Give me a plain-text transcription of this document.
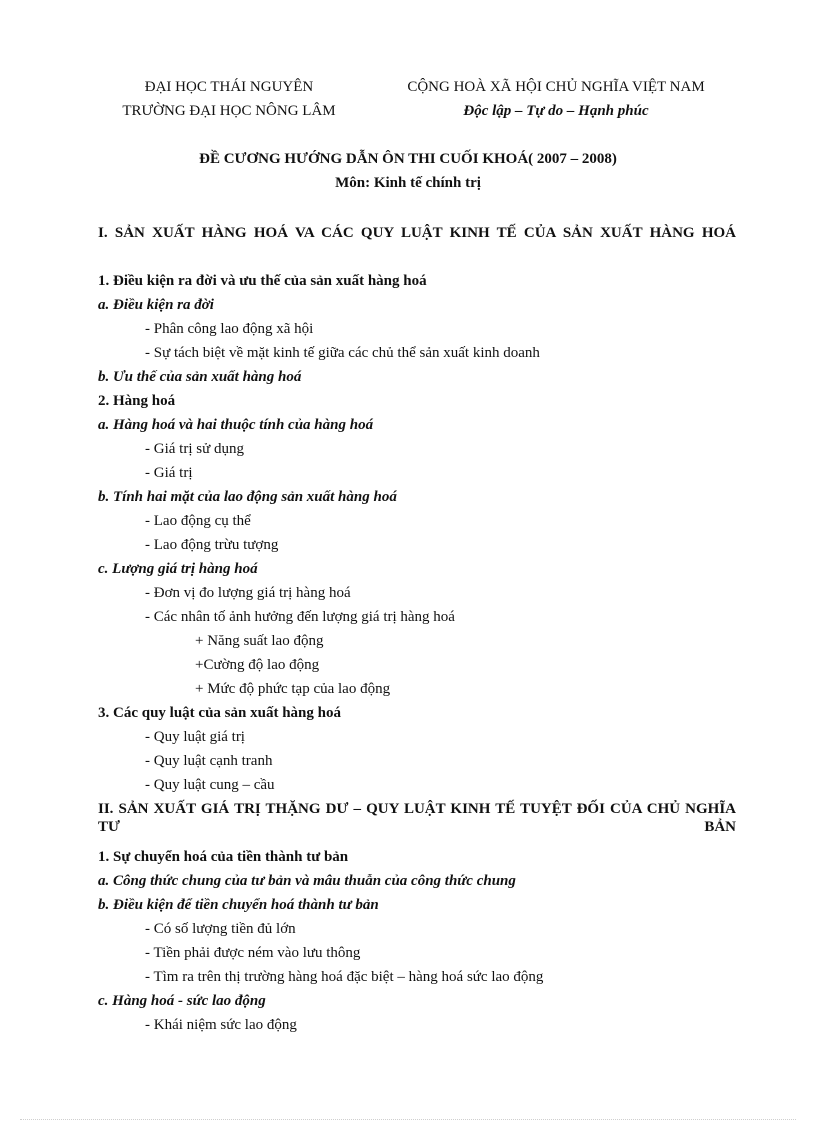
ĐẠI HỌC THÁI NGUYÊN
TRƯỜNG ĐẠI HỌC NÔNG LÂM
CỘNG HOÀ XÃ HỘI CHỦ NGHĨA VIỆT NAM
Độc lập – Tự do – Hạnh phúc
ĐỀ CƯƠNG HƯỚNG DẪN ÔN THI CUỐI KHOÁ( 2007 – 2008)
Môn: Kinh tế chính trị
I. SẢN XUẤT HÀNG HOÁ VA CÁC QUY LUẬT KINH TẾ CỦA SẢN XUẤT HÀNG HOÁ
1. Điều kiện ra đời và ưu thế của sản xuất hàng hoá
a. Điều kiện ra đời
- Phân công lao động xã hội
- Sự tách biệt về mặt kinh tế giữa các chủ thể sản xuất kinh doanh
b. Ưu thế của sản xuất hàng hoá
2. Hàng hoá
a. Hàng hoá và hai thuộc tính của hàng hoá
- Giá trị sử dụng
- Giá trị
b. Tính hai mặt của lao động sản xuất hàng hoá
- Lao động cụ thể
- Lao động trừu tượng
c. Lượng giá trị hàng hoá
- Đơn vị đo lượng giá trị hàng hoá
- Các nhân tố ảnh hưởng đến lượng giá trị hàng hoá
+ Năng suất lao động
+Cường độ lao động
+ Mức độ phức tạp của lao động
3. Các quy luật của sản xuất hàng hoá
- Quy luật giá trị
- Quy luật cạnh tranh
- Quy luật cung – cầu
II. SẢN XUẤT GIÁ TRỊ THẶNG DƯ – QUY LUẬT KINH TẾ TUYỆT ĐỐI CỦA CHỦ NGHĨA TƯ BẢN
1. Sự chuyển hoá của tiền thành tư bản
a. Công thức chung của tư bản và mâu thuẫn của công thức chung
b. Điều kiện để tiền chuyển hoá thành tư bản
- Có số lượng tiền đủ lớn
- Tiền phải được ném vào lưu thông
- Tìm ra trên thị trường hàng hoá đặc biệt – hàng hoá sức lao động
c. Hàng hoá - sức lao động
- Khái niệm sức lao động
